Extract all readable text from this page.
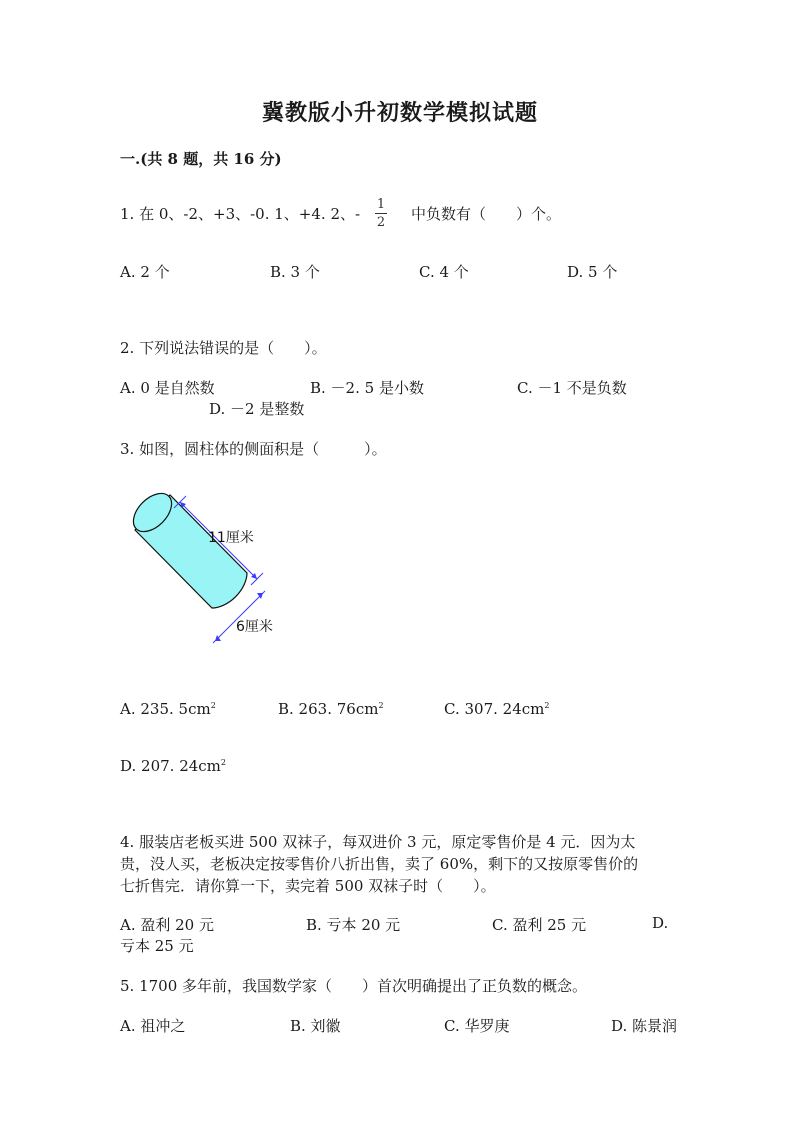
冀教版小升初数学模拟试题
一.(共 8 题，共 16 分)
1. 在 0、-2、+3、-0. 1、+4. 2、-
1
2 中负数有（　　）个。
A. 2 个	B. 3 个	C. 4 个	D. 5 个
2. 下列说法错误的是（　　）。
A. 0 是自然数	B. －2. 5 是小数	C. －1 不是负数
D. －2 是整数
3. 如图，圆柱体的侧面积是（　　　）。
11厘米
6厘米
A. 235. $5cm^2$	B. 263. $76cm^2$	C. 307. $24cm^2$
D. 207. $24cm^2$
4. 服装店老板买进 500 双袜子，每双进价 3 元，原定零售价是 4 元．因为太
贵，没人买，老板决定按零售价八折出售，卖了 60%，剩下的又按原零售价的
七折售完．请你算一下，卖完着 500 双袜子时（　　）。
A. 盈利 20 元	B. 亏本 20 元	C. 盈利 25 元	D.
亏本 25 元
5. 1700 多年前，我国数学家（　　）首次明确提出了正负数的概念。
A. 祖冲之	B. 刘徽	C. 华罗庚	D. 陈景润
